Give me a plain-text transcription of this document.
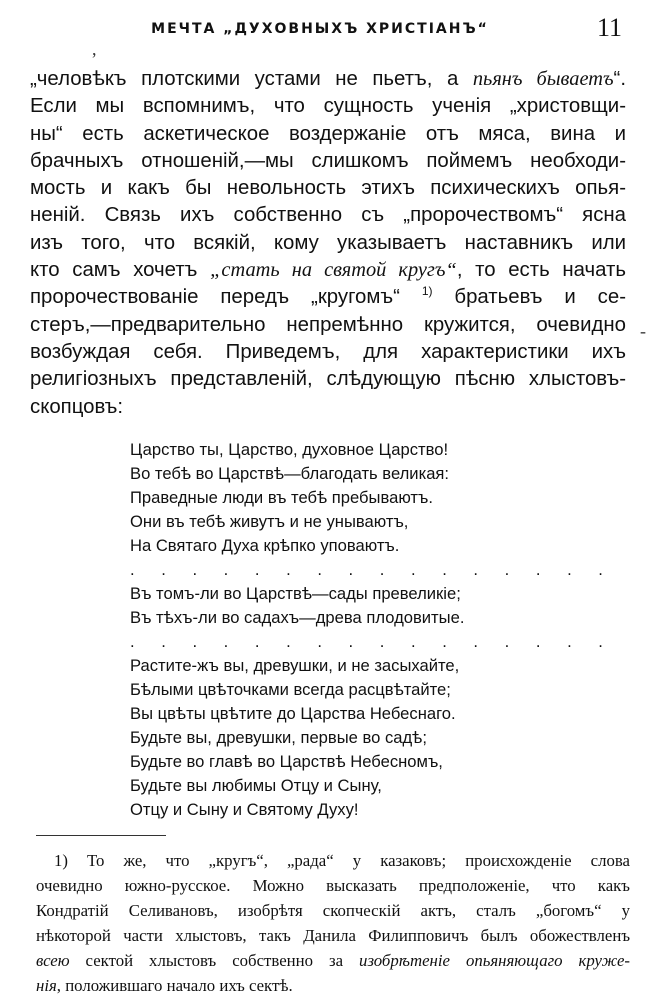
МЕЧТА „ДУХОВНЫХЪ ХРИСТIАНЪ“	11
„человѣкъ плотскими устами не пьетъ, а пьянъ бываетъ“.
Если мы вспомнимъ, что сущность ученія „христовщи-
ны“ есть аскетическое воздержаніе отъ мяса, вина и
брачныхъ отношеній,—мы слишкомъ поймемъ необходи-
мость и какъ бы невольность этихъ психическихъ опья-
неній. Связь ихъ собственно съ „пророчествомъ“ ясна
изъ того, что всякій, кому указываетъ наставникъ или
кто самъ хочетъ „стать на святой кругъ“, то есть начать
пророчествованіе передъ „кругомъ“ $^{1)}$ братьевъ и се-
стеръ,—предварительно непремѣнно кружится, очевидно
возбуждая себя. Приведемъ, для характеристики ихъ
религіозныхъ представленій, слѣдующую пѣсню хлыстовъ-
скопцовъ:
Царство ты, Царство, духовное Царство!
Во тебѣ во Царствѣ—благодать великая:
Праведные люди въ тебѣ пребываютъ.
Они въ тебѣ живутъ и не унываютъ,
На Святаго Духа крѣпко уповаютъ.
. . . . . . . . . . . . . . . .
Въ томъ-ли во Царствѣ—сады превеликіе;
Въ тѣхъ-ли во садахъ—древа плодовитые.
. . . . . . . . . . . . . . . .
Растите-жъ вы, древушки, и не засыхайте,
Бѣлыми цвѣточками всегда расцвѣтайте;
Вы цвѣты цвѣтите до Царства Небеснаго.
Будьте вы, древушки, первые во садѣ;
Будьте во главѣ во Царствѣ Небесномъ,
Будьте вы любимы Отцу и Сыну,
Отцу и Сыну и Святому Духу!
1) То же, что „кругъ“, „рада“ у казаковъ; происхожденіе слова
очевидно южно-русское. Можно высказать предположеніе, что какъ
Кондратій Селивановъ, изобрѣтя скопческій актъ, сталъ „богомъ“ у
нѣкоторой части хлыстовъ, такъ Данила Филипповичъ былъ обожествленъ
всею сектой хлыстовъ собственно за изобрѣтеніе опьяняющаго круже-
нія, положившаго начало ихъ сектѣ.
,
-
